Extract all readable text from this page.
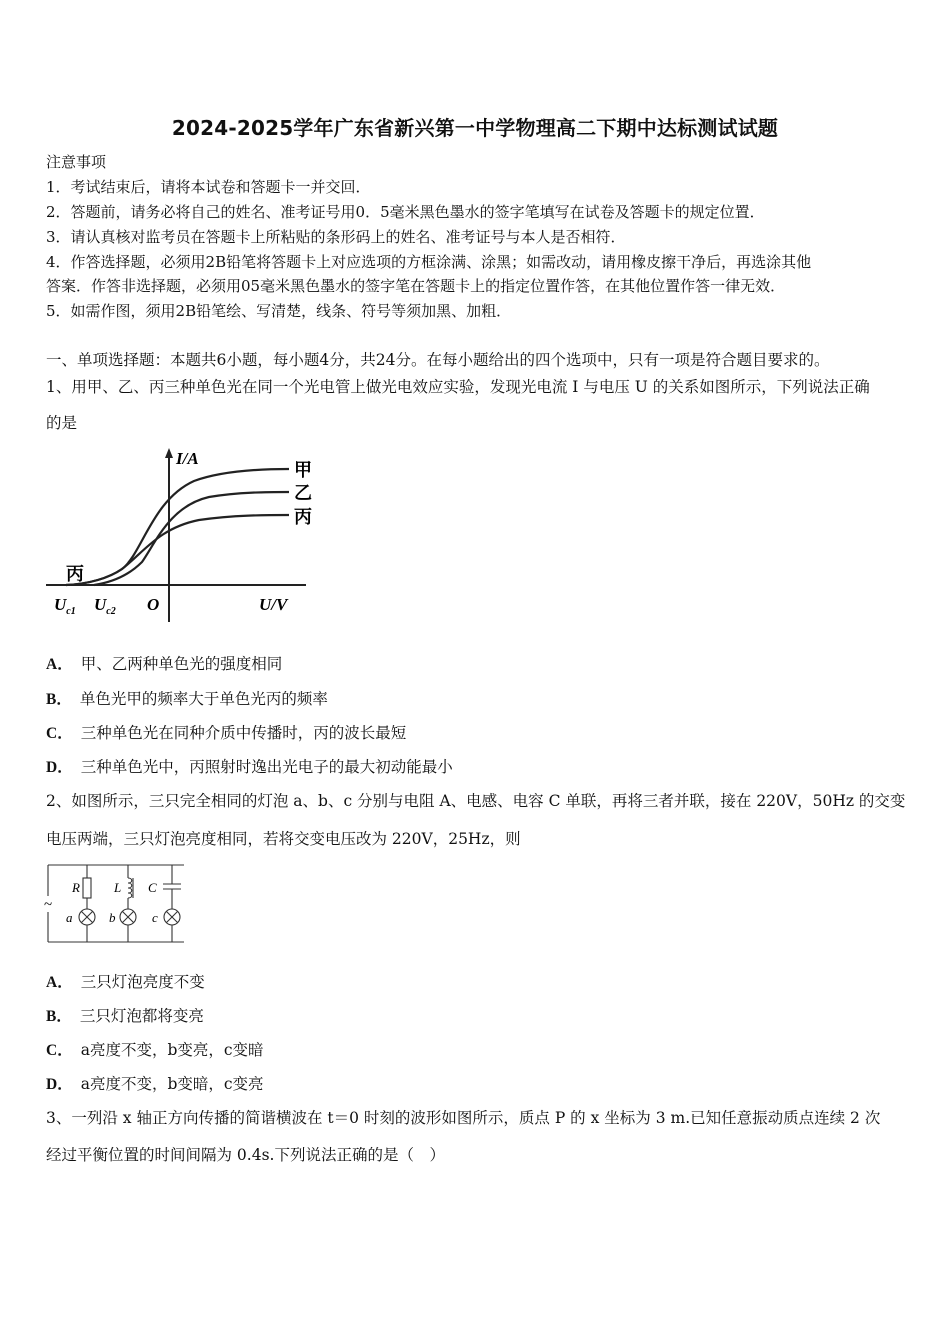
2024-2025学年广东省新兴第一中学物理高二下期中达标测试试题
注意事项
1．考试结束后，请将本试卷和答题卡一并交回．
2．答题前，请务必将自己的姓名、准考证号用0．5毫米黑色墨水的签字笔填写在试卷及答题卡的规定位置．
3．请认真核对监考员在答题卡上所粘贴的条形码上的姓名、准考证号与本人是否相符．
4．作答选择题，必须用2B铅笔将答题卡上对应选项的方框涂满、涂黑；如需改动，请用橡皮擦干净后，再选涂其他
答案．作答非选择题，必须用05毫米黑色墨水的签字笔在答题卡上的指定位置作答，在其他位置作答一律无效．
5．如需作图，须用2B铅笔绘、写清楚，线条、符号等须加黑、加粗．
一、单项选择题：本题共6小题，每小题4分，共24分。在每小题给出的四个选项中，只有一项是符合题目要求的。
1、用甲、乙、丙三种单色光在同一个光电管上做光电效应实验，发现光电流 I 与电压 U 的关系如图所示，下列说法正确
的是
I/A
甲
乙
丙
丙
$U_{c1}$ $U_{c2}$ O	U/V
A． 甲、乙两种单色光的强度相同
B． 单色光甲的频率大于单色光丙的频率
C． 三种单色光在同种介质中传播时，丙的波长最短
D． 三种单色光中，丙照射时逸出光电子的最大初动能最小
2、如图所示，三只完全相同的灯泡 a、b、c 分别与电阻 A、电感、电容 C 单联，再将三者并联，接在 220V，50Hz 的交变
电压两端，三只灯泡亮度相同，若将交变电压改为 220V，25Hz，则
~
R	L C
a	b	c
A． 三只灯泡亮度不变
B． 三只灯泡都将变亮
C． a亮度不变，b变亮，c变暗
D． a亮度不变，b变暗，c变亮
3、一列沿 x 轴正方向传播的简谐横波在 t＝0 时刻的波形如图所示，质点 P 的 x 坐标为 3 m.已知任意振动质点连续 2 次
经过平衡位置的时间间隔为 0.4s.下列说法正确的是（　）
